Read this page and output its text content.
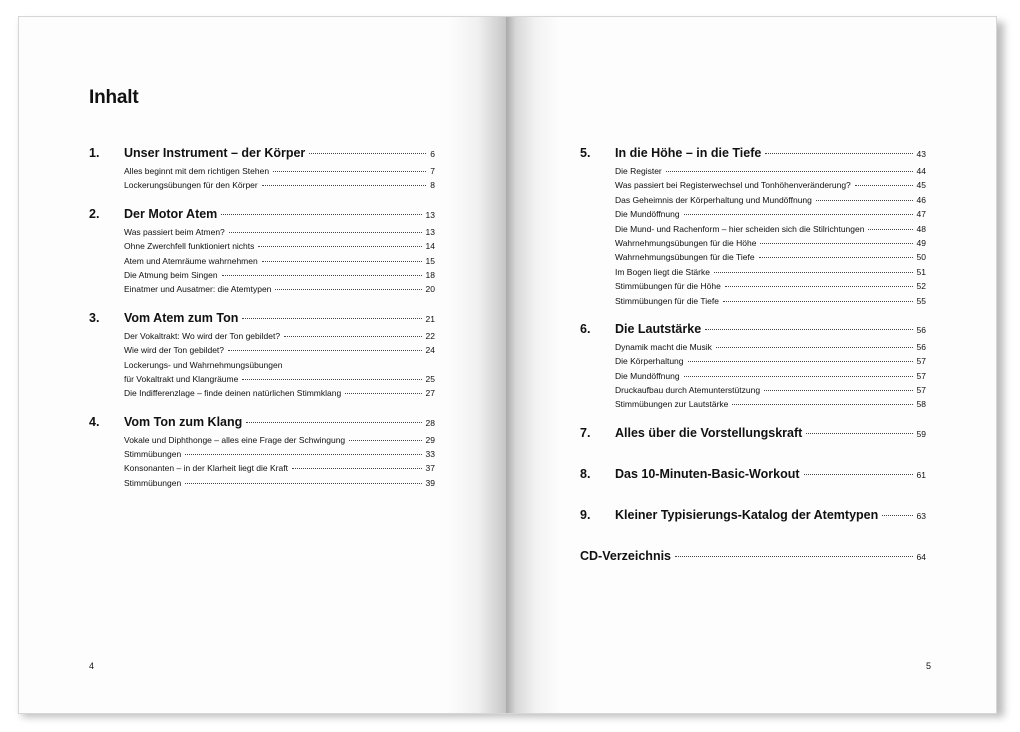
Inhalt
1.	Unser Instrument – der Körper	6
Alles beginnt mit dem richtigen Stehen	7
Lockerungsübungen für den Körper	8
2.	Der Motor Atem	13
Was passiert beim Atmen?	13
Ohne Zwerchfell funktioniert nichts	14
Atem und Atemräume wahrnehmen	15
Die Atmung beim Singen	18
Einatmer und Ausatmer: die Atemtypen	20
3.	Vom Atem zum Ton	21
Der Vokaltrakt: Wo wird der Ton gebildet?	22
Wie wird der Ton gebildet?	24
Lockerungs- und Wahrnehmungsübungen
für Vokaltrakt und Klangräume	25
Die Indifferenzlage – finde deinen natürlichen Stimmklang	27
4.	Vom Ton zum Klang	28
Vokale und Diphthonge – alles eine Frage der Schwingung	29
Stimmübungen	33
Konsonanten – in der Klarheit liegt die Kraft	37
Stimmübungen	39
4
5.	In die Höhe – in die Tiefe	43
Die Register	44
Was passiert bei Registerwechsel und Tonhöhenveränderung?	45
Das Geheimnis der Körperhaltung und Mundöffnung	46
Die Mundöffnung	47
Die Mund- und Rachenform – hier scheiden sich die Stilrichtungen	48
Wahrnehmungsübungen für die Höhe	49
Wahrnehmungsübungen für die Tiefe	50
Im Bogen liegt die Stärke	51
Stimmübungen für die Höhe	52
Stimmübungen für die Tiefe	55
6.	Die Lautstärke	56
Dynamik macht die Musik	56
Die Körperhaltung	57
Die Mundöffnung	57
Druckaufbau durch Atemunterstützung	57
Stimmübungen zur Lautstärke	58
7.	Alles über die Vorstellungskraft	59
8.	Das 10-Minuten-Basic-Workout	61
9.	Kleiner Typisierungs-Katalog der Atemtypen	63
CD-Verzeichnis	64
5
